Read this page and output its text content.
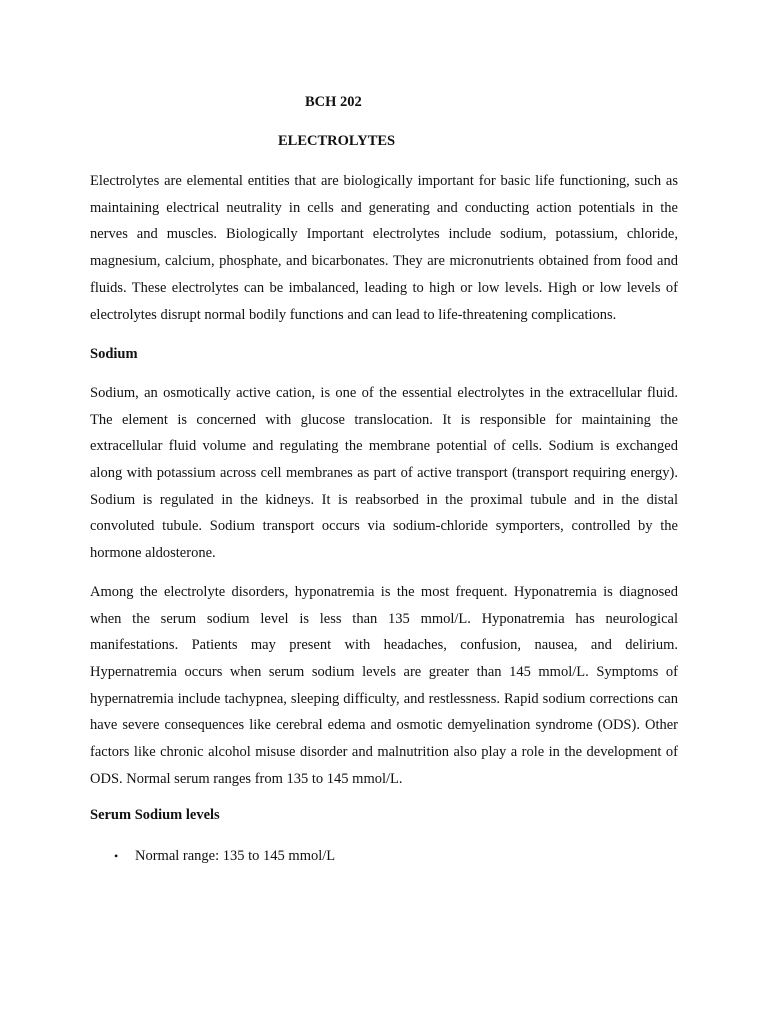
BCH 202
ELECTROLYTES

Electrolytes are elemental entities that are biologically important for basic life functioning, such as maintaining electrical neutrality in cells and generating and conducting action potentials in the nerves and muscles. Biologically Important electrolytes include sodium, potassium, chloride, magnesium, calcium, phosphate, and bicarbonates. They are micronutrients obtained from food and fluids. These electrolytes can be imbalanced, leading to high or low levels. High or low levels of electrolytes disrupt normal bodily functions and can lead to life-threatening complications.

Sodium

Sodium, an osmotically active cation, is one of the essential electrolytes in the extracellular fluid. The element is concerned with glucose translocation. It is responsible for maintaining the extracellular fluid volume and regulating the membrane potential of cells. Sodium is exchanged along with potassium across cell membranes as part of active transport (transport requiring energy). Sodium is regulated in the kidneys. It is reabsorbed in the proximal tubule and in the distal convoluted tubule. Sodium transport occurs via sodium-chloride symporters, controlled by the hormone aldosterone.

Among the electrolyte disorders, hyponatremia is the most frequent. Hyponatremia is diagnosed when the serum sodium level is less than 135 mmol/L. Hyponatremia has neurological manifestations. Patients may present with headaches, confusion, nausea, and delirium. Hypernatremia occurs when serum sodium levels are greater than 145 mmol/L. Symptoms of hypernatremia include tachypnea, sleeping difficulty, and restlessness. Rapid sodium corrections can have severe consequences like cerebral edema and osmotic demyelination syndrome (ODS). Other factors like chronic alcohol misuse disorder and malnutrition also play a role in the development of ODS. Normal serum ranges from 135 to 145 mmol/L.

Serum Sodium levels
• Normal range: 135 to 145 mmol/L
